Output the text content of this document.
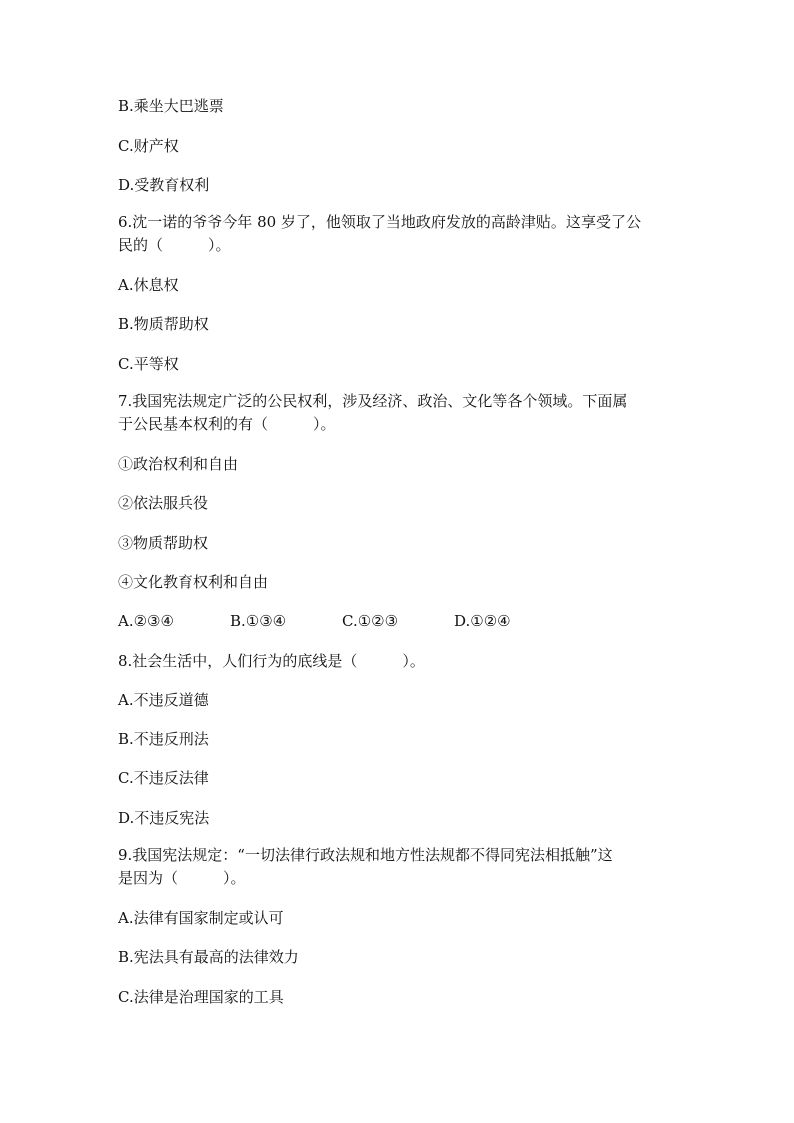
B.乘坐大巴逃票
C.财产权
D.受教育权利
6.沈一诺的爷爷今年 80 岁了，他领取了当地政府发放的高龄津贴。这享受了公
民的（　　　）。
A.休息权
B.物质帮助权
C.平等权
7.我国宪法规定广泛的公民权利，涉及经济、政治、文化等各个领域。下面属
于公民基本权利的有（　　　）。
①政治权利和自由
②依法服兵役
③物质帮助权
④文化教育权利和自由
A.②③④	B.①③④	C.①②③	D.①②④
8.社会生活中，人们行为的底线是（　　　）。
A.不违反道德
B.不违反刑法
C.不违反法律
D.不违反宪法
9.我国宪法规定：“一切法律行政法规和地方性法规都不得同宪法相抵触”这
是因为（　　　）。
A.法律有国家制定或认可
B.宪法具有最高的法律效力
C.法律是治理国家的工具
